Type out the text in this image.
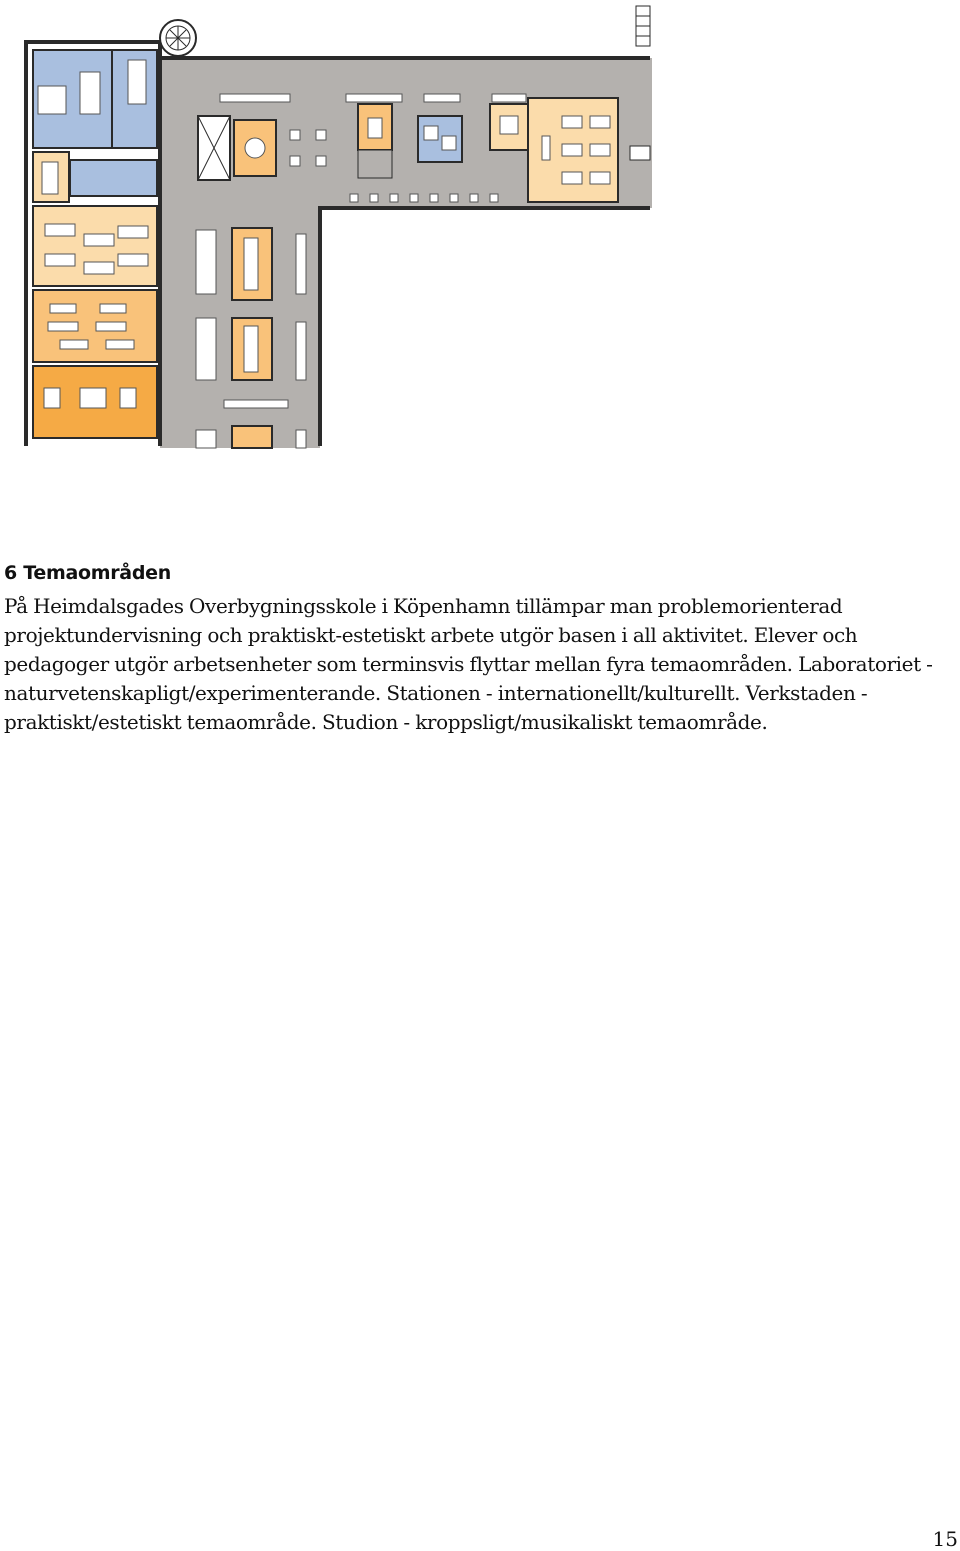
6 Temaområden

På Heimdalsgades Overbygningsskole i Köpenhamn tillämpar man problemorienterad projektundervisning och praktiskt-estetiskt arbete utgör basen i all aktivitet. Elever och pedagoger utgör arbetsenheter som terminsvis flyttar mellan fyra temaområden. Laboratoriet - naturvetenskapligt/experimenterande. Stationen - internationellt/kulturellt. Verkstaden - praktiskt/estetiskt temaområde. Studion - kroppsligt/musikaliskt temaområde.

15
